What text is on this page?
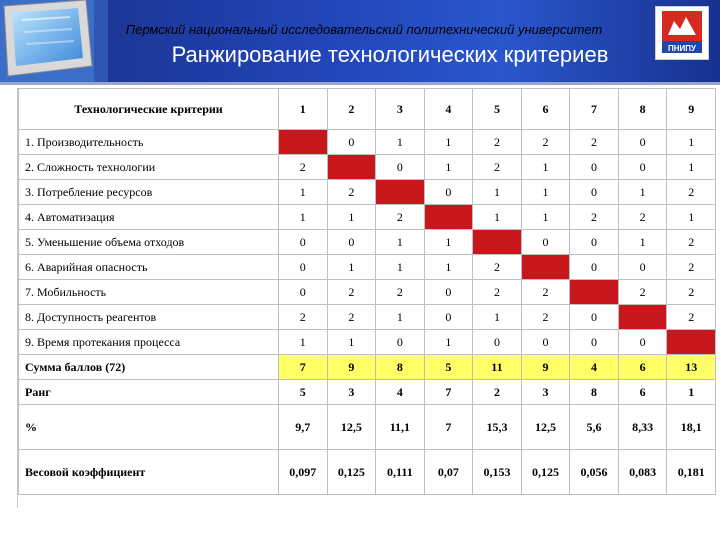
Пермский национальный исследовательский политехнический университет
Ранжирование технологических критериев	ПНИПУ
Технологические критерии	1	2	3	4	5	6	7	8	9
1. Производительность		0	1	1	2	2	2	0	1
2. Сложность технологии	2		0	1	2	1	0	0	1
3. Потребление ресурсов	1	2		0	1	1	0	1	2
4. Автоматизация	1	1	2		1	1	2	2	1
5. Уменьшение объема отходов	0	0	1	1		0	0	1	2
6. Аварийная опасность	0	1	1	1	2		0	0	2
7. Мобильность	0	2	2	0	2	2		2	2
8. Доступность реагентов	2	2	1	0	1	2	0		2
9. Время протекания процесса	1	1	0	1	0	0	0	0	
Сумма баллов (72)	7	9	8	5	11	9	4	6	13
Ранг	5	3	4	7	2	3	8	6	1
%	9,7	12,5	11,1	7	15,3	12,5	5,6	8,33	18,1
Весовой коэффициент	0,097	0,125	0,111	0,07	0,153	0,125	0,056	0,083	0,181
